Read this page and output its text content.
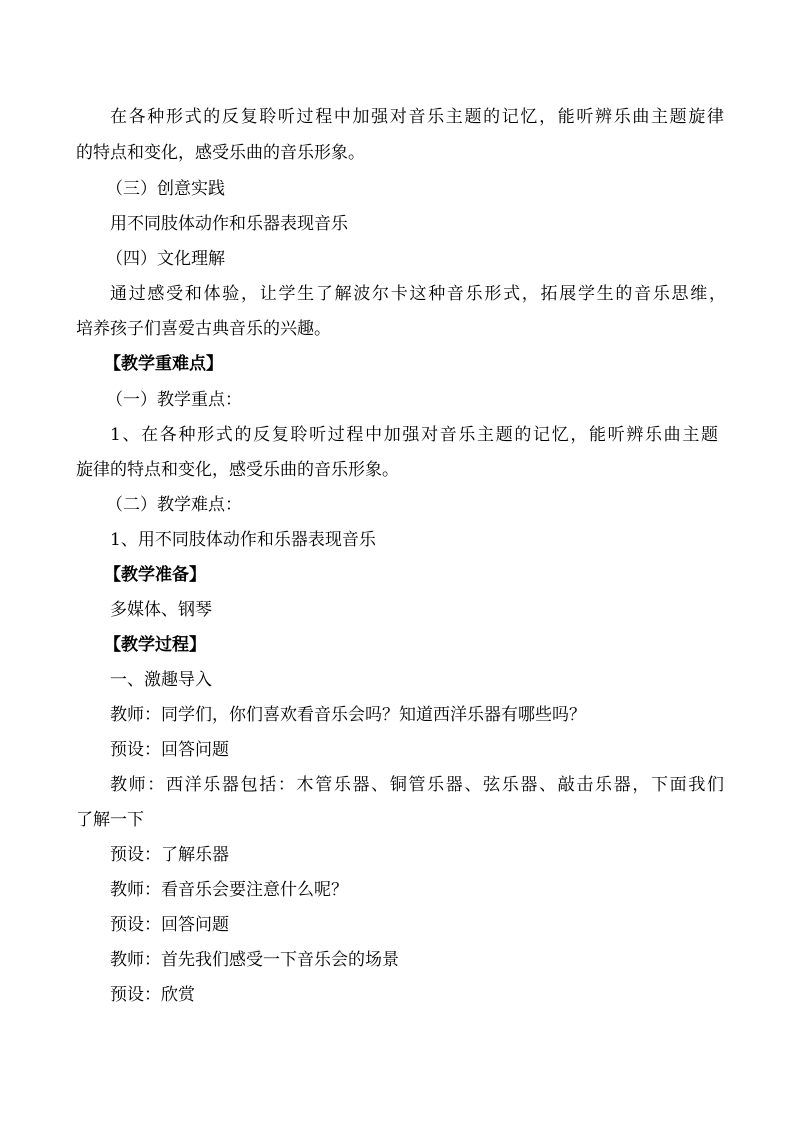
在各种形式的反复聆听过程中加强对音乐主题的记忆，能听辨乐曲主题旋律
的特点和变化，感受乐曲的音乐形象。
（三）创意实践
用不同肢体动作和乐器表现音乐
（四）文化理解
通过感受和体验，让学生了解波尔卡这种音乐形式，拓展学生的音乐思维，
培养孩子们喜爱古典音乐的兴趣。
【教学重难点】
（一）教学重点：
1、在各种形式的反复聆听过程中加强对音乐主题的记忆，能听辨乐曲主题
旋律的特点和变化，感受乐曲的音乐形象。
（二）教学难点：
1、用不同肢体动作和乐器表现音乐
【教学准备】
多媒体、钢琴
【教学过程】
一、激趣导入
教师：同学们，你们喜欢看音乐会吗？知道西洋乐器有哪些吗？
预设：回答问题
教师：西洋乐器包括：木管乐器、铜管乐器、弦乐器、敲击乐器，下面我们
了解一下
预设：了解乐器
教师：看音乐会要注意什么呢？
预设：回答问题
教师：首先我们感受一下音乐会的场景
预设：欣赏
